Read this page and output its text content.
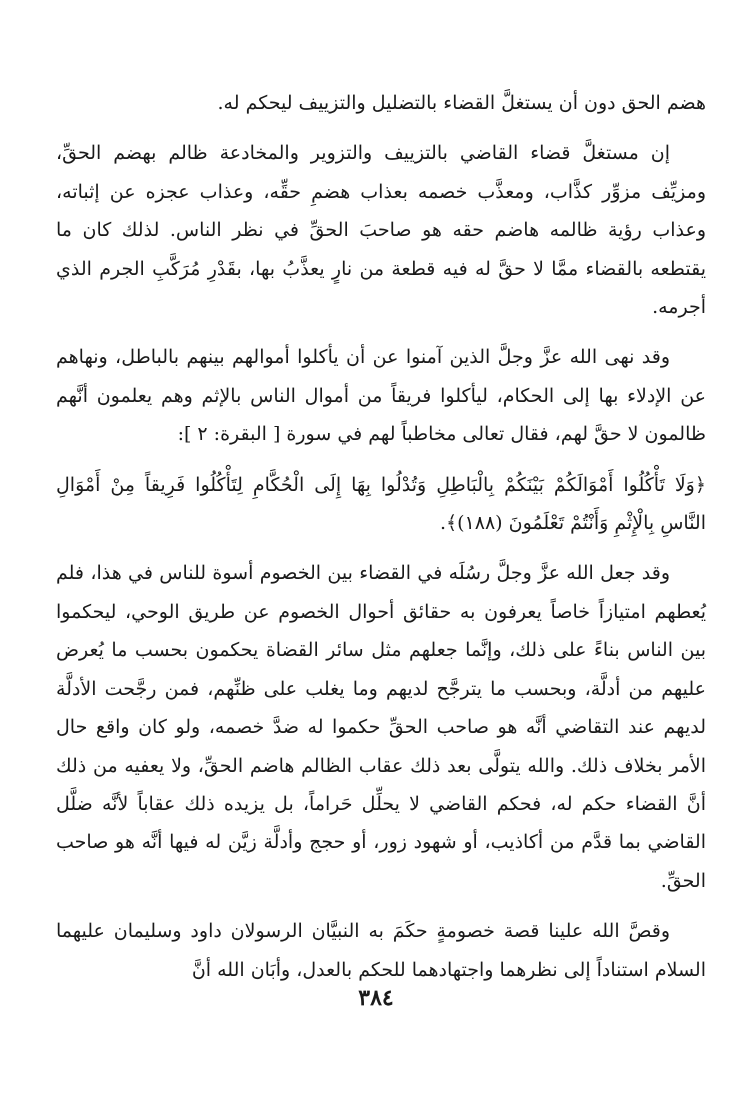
هضم الحق دون أن يستغلَّ القضاء بالتضليل والتزييف ليحكم له.

إن مستغلَّ قضاء القاضي بالتزييف والتزوير والمخادعة ظالم بهضم الحقِّ، ومزيِّف مزوِّر كذَّاب، ومعذَّب خصمه بعذاب هضمِ حقِّه، وعذاب عجزه عن إثباته، وعذاب رؤية ظالمه هاضم حقه هو صاحبَ الحقِّ في نظر الناس. لذلك كان ما يقتطعه بالقضاء ممَّا لا حقَّ له فيه قطعة من نارٍ يعذَّبُ بها، بقَدْرِ مُرَكَّبِ الجرم الذي أجرمه.

وقد نهى الله عزَّ وجلَّ الذين آمنوا عن أن يأكلوا أموالهم بينهم بالباطل، ونهاهم عن الإدلاء بها إلى الحكام، ليأكلوا فريقاً من أموال الناس بالإثم وهم يعلمون أنَّهم ظالمون لا حقَّ لهم، فقال تعالى مخاطباً لهم في سورة [ البقرة: ٢ ]:

﴿وَلَا تَأْكُلُوا أَمْوَالَكُمْ بَيْنَكُمْ بِالْبَاطِلِ وَتُدْلُوا بِهَا إِلَى الْحُكَّامِ لِتَأْكُلُوا فَرِيقاً مِنْ أَمْوَالِ النَّاسِ بِالْإِثْمِ وَأَنْتُمْ تَعْلَمُونَ (١٨٨)﴾.

وقد جعل الله عزَّ وجلَّ رسُلَه في القضاء بين الخصوم أسوة للناس في هذا، فلم يُعطهم امتيازاً خاصاً يعرفون به حقائق أحوال الخصوم عن طريق الوحي، ليحكموا بين الناس بناءً على ذلك، وإنَّما جعلهم مثل سائر القضاة يحكمون بحسب ما يُعرض عليهم من أدلَّة، وبحسب ما يترجَّح لديهم وما يغلب على ظنِّهم، فمن رجَّحت الأدلَّة لديهم عند التقاضي أنَّه هو صاحب الحقِّ حكموا له ضدَّ خصمه، ولو كان واقع حال الأمر بخلاف ذلك. والله يتولَّى بعد ذلك عقاب الظالم هاضم الحقِّ، ولا يعفيه من ذلك أنَّ القضاء حكم له، فحكم القاضي لا يحلِّل حَراماً، بل يزيده ذلك عقاباً لأنَّه ضلَّل القاضي بما قدَّم من أكاذيب، أو شهود زور، أو حجج وأدلَّة زيَّن له فيها أنَّه هو صاحب الحقِّ.

وقصَّ الله علينا قصة خصومةٍ حكَمَ به النبيَّان الرسولان داود وسليمان عليهما السلام استناداً إلى نظرهما واجتهادهما للحكم بالعدل، وأبَان الله أنَّ

٣٨٤
